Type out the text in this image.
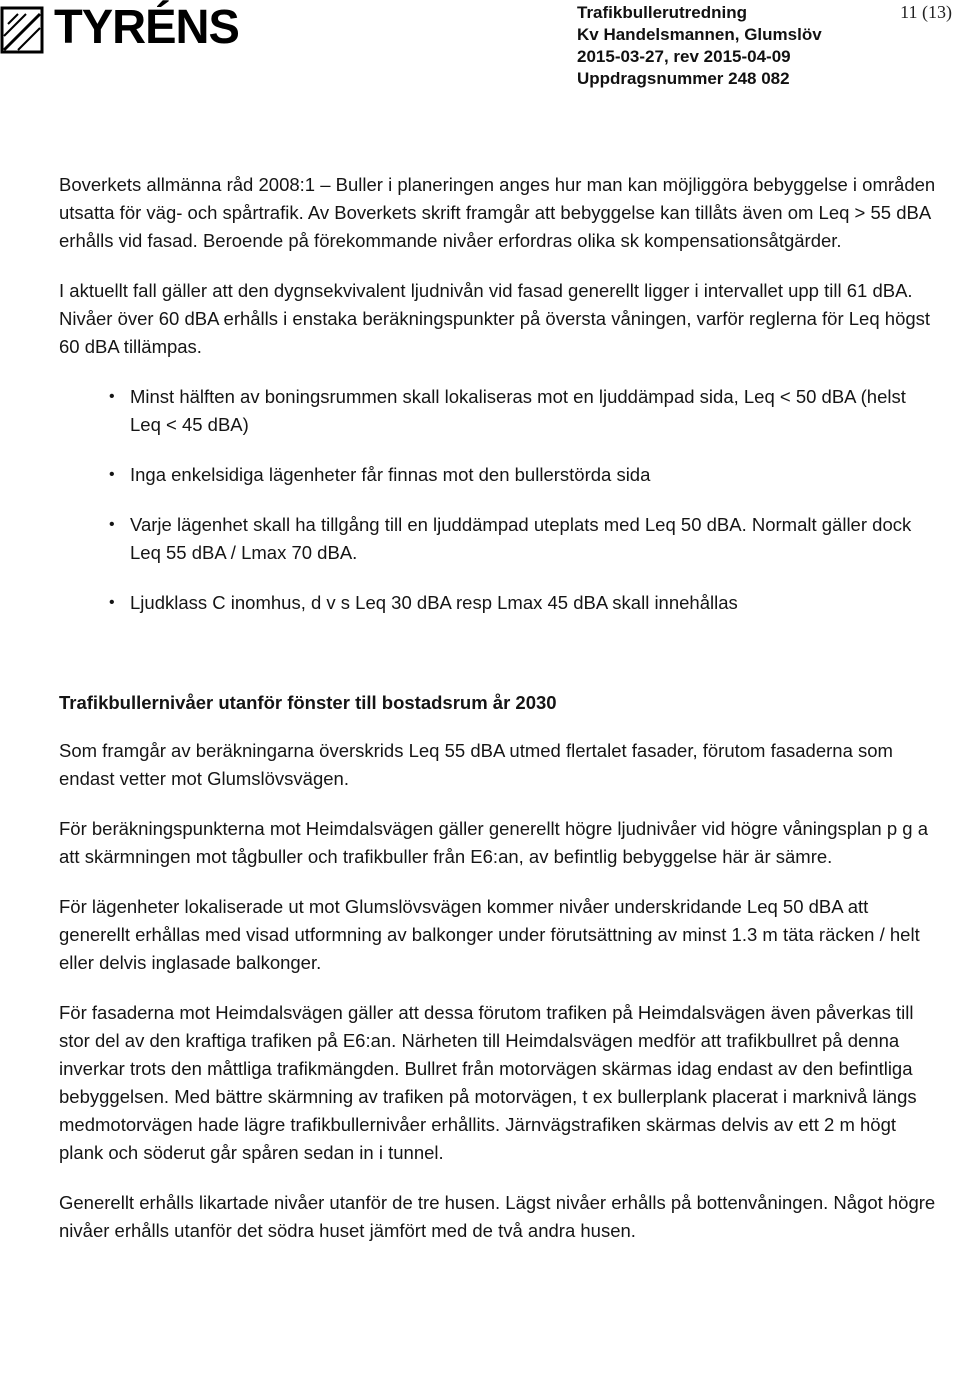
TYRÉNS	Trafikbullerutredning
Kv Handelsmannen, Glumslöv
2015-03-27, rev 2015-04-09
Uppdragsnummer 248 082
11 (13)

Boverkets allmänna råd 2008:1 – Buller i planeringen anges hur man kan möjliggöra bebyggelse i områden utsatta för väg- och spårtrafik. Av Boverkets skrift framgår att bebyggelse kan tillåts även om Leq > 55 dBA erhålls vid fasad. Beroende på förekommande nivåer erfordras olika sk kompensationsåtgärder.

I aktuellt fall gäller att den dygnsekvivalent ljudnivån vid fasad generellt ligger i intervallet upp till 61 dBA. Nivåer över 60 dBA erhålls i enstaka beräkningspunkter på översta våningen, varför reglerna för Leq högst 60 dBA tillämpas.

• Minst hälften av boningsrummen skall lokaliseras mot en ljuddämpad sida, Leq < 50 dBA (helst Leq < 45 dBA)
• Inga enkelsidiga lägenheter får finnas mot den bullerstörda sida
• Varje lägenhet skall ha tillgång till en ljuddämpad uteplats med Leq 50 dBA. Normalt gäller dock Leq 55 dBA / Lmax 70 dBA.
• Ljudklass C inomhus, d v s Leq 30 dBA resp Lmax 45 dBA skall innehållas

Trafikbullernivåer utanför fönster till bostadsrum år 2030

Som framgår av beräkningarna överskrids Leq 55 dBA utmed flertalet fasader, förutom fasaderna som endast vetter mot Glumslövsvägen.

För beräkningspunkterna mot Heimdalsvägen gäller generellt högre ljudnivåer vid högre våningsplan p g a att skärmningen mot tågbuller och trafikbuller från E6:an, av befintlig bebyggelse här är sämre.

För lägenheter lokaliserade ut mot Glumslövsvägen kommer nivåer underskridande Leq 50 dBA att generellt erhållas med visad utformning av balkonger under förutsättning av minst 1.3 m täta räcken / helt eller delvis inglasade balkonger.

För fasaderna mot Heimdalsvägen gäller att dessa förutom trafiken på Heimdalsvägen även påverkas till stor del av den kraftiga trafiken på E6:an. Närheten till Heimdalsvägen medför att trafikbullret på denna inverkar trots den måttliga trafikmängden. Bullret från motorvägen skärmas idag endast av den befintliga bebyggelsen. Med bättre skärmning av trafiken på motorvägen, t ex bullerplank placerat i marknivå längs medmotorvägen hade lägre trafikbullernivåer erhållits. Järnvägstrafiken skärmas delvis av ett 2 m högt plank och söderut går spåren sedan in i tunnel.

Generellt erhålls likartade nivåer utanför de tre husen. Lägst nivåer erhålls på bottenvåningen. Något högre nivåer erhålls utanför det södra huset jämfört med de två andra husen.
